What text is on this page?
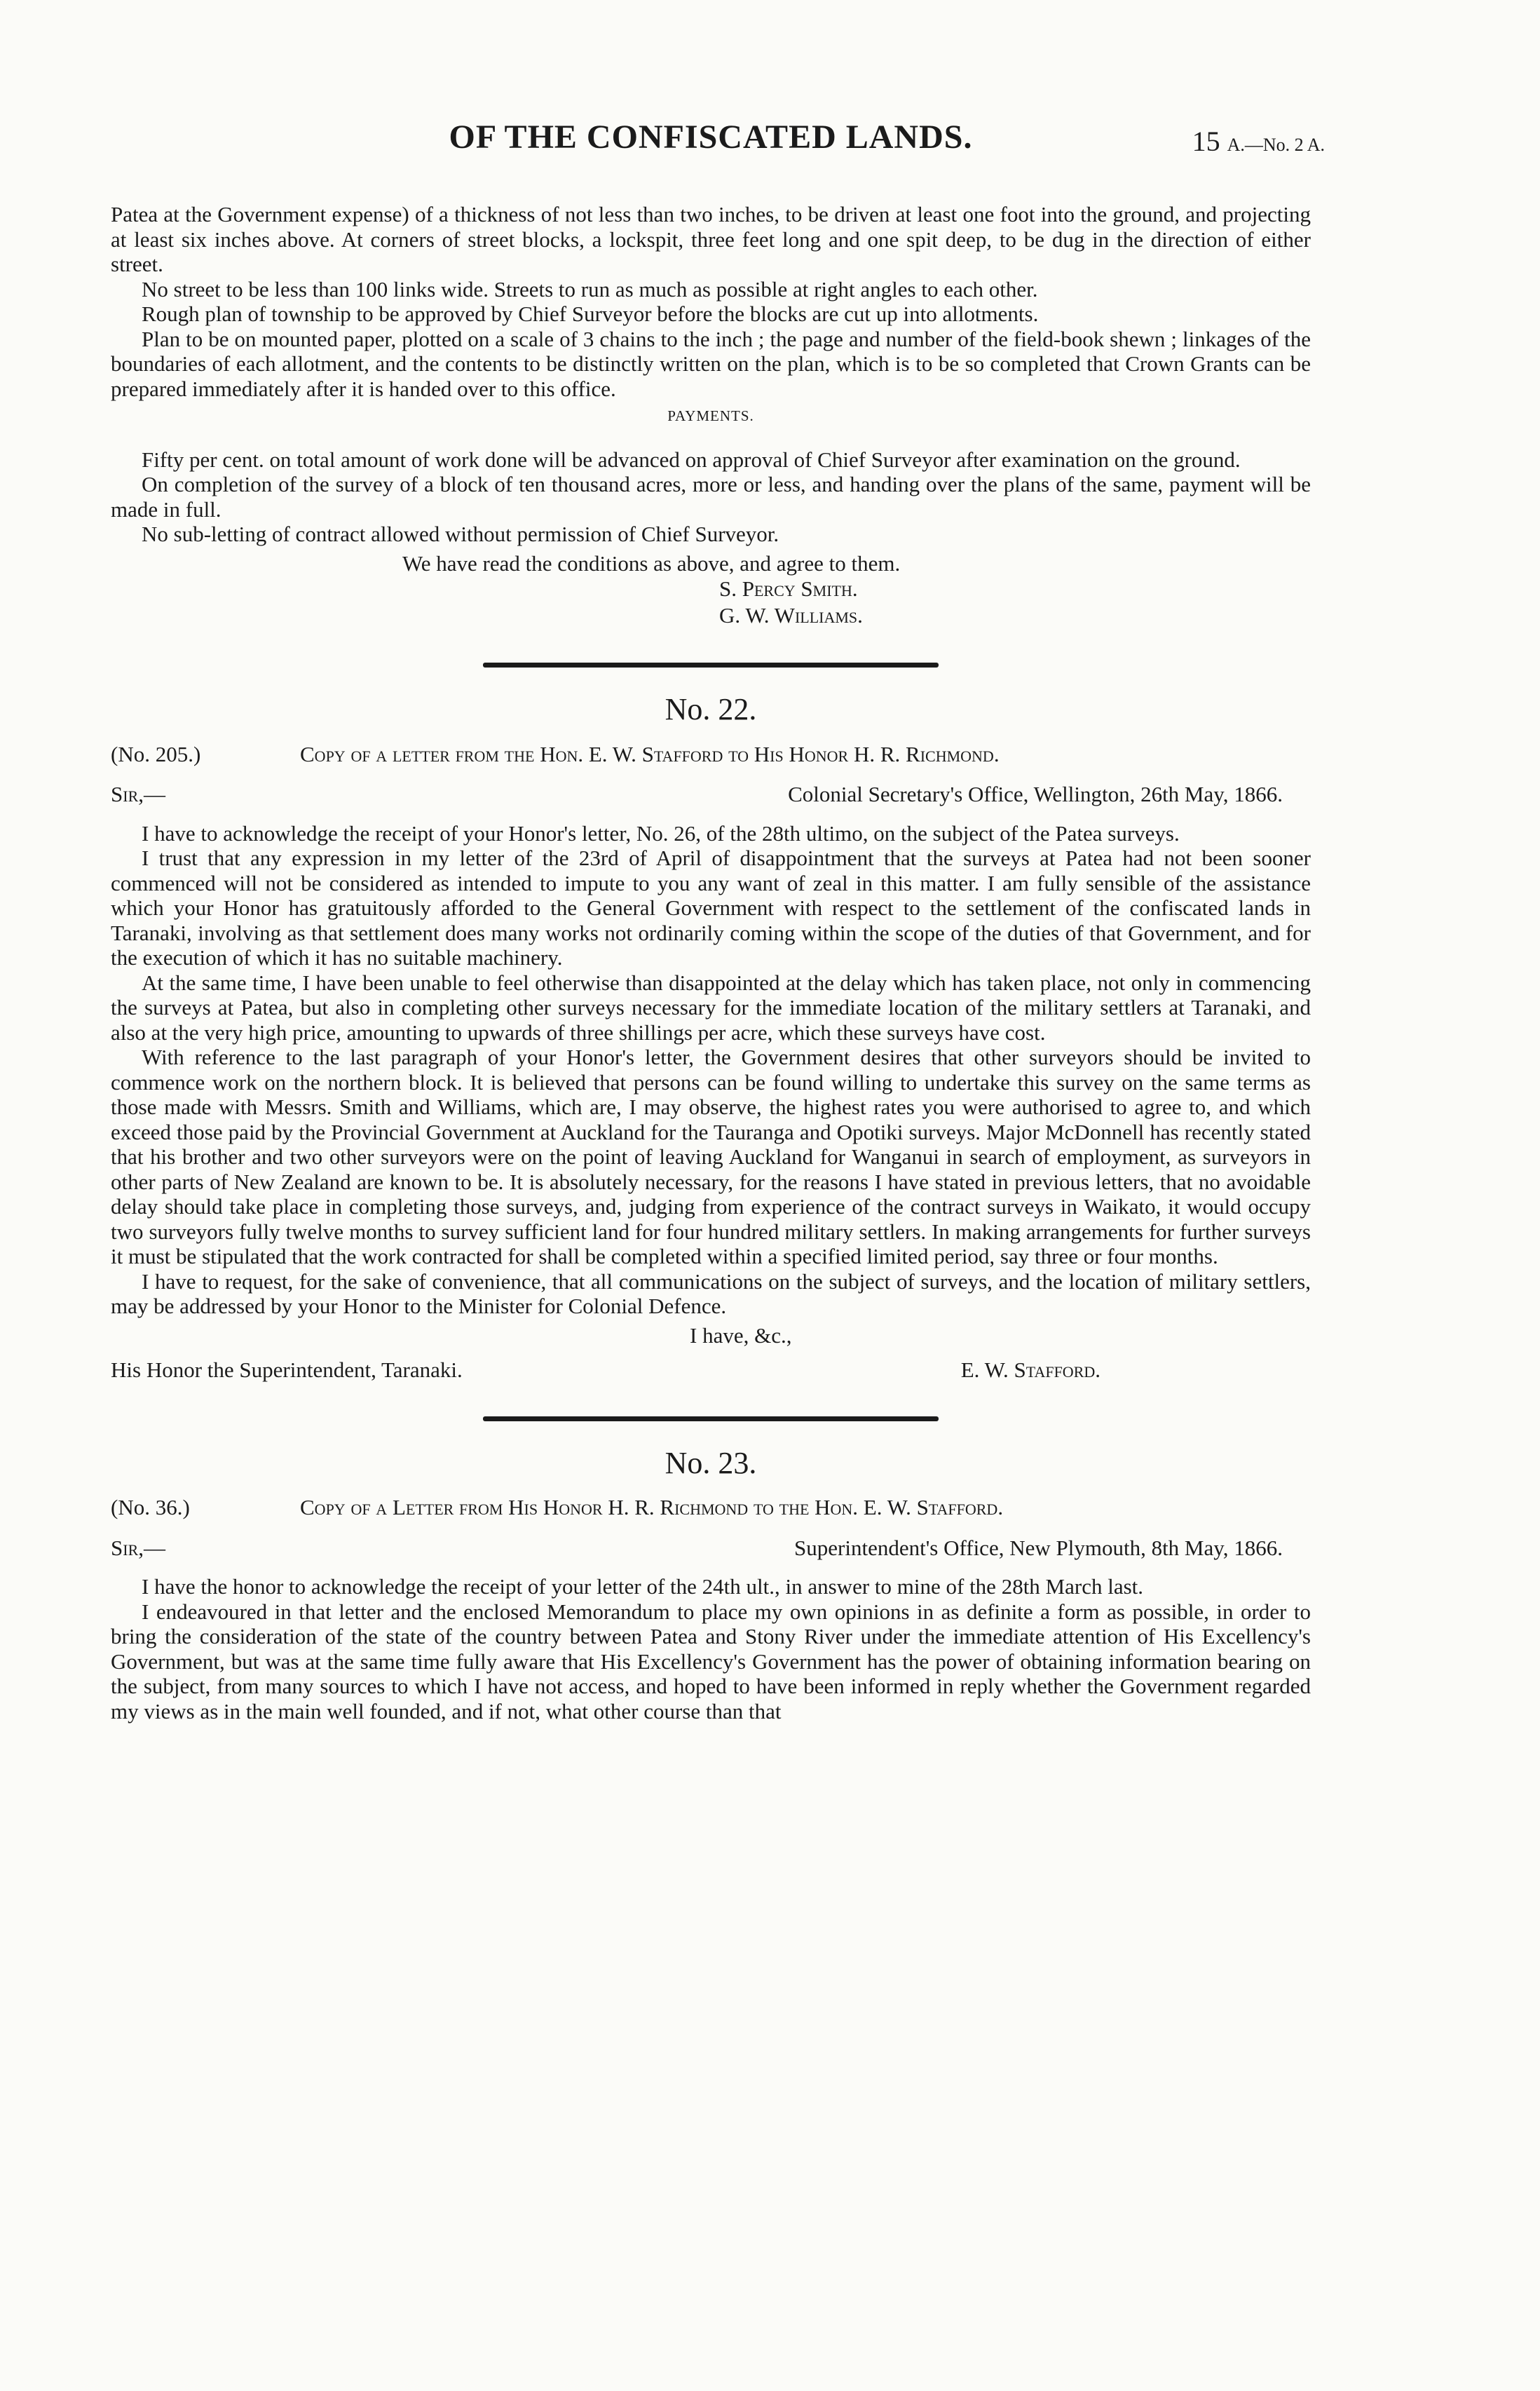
OF THE CONFISCATED LANDS.	15 A.—No. 2 A.

Patea at the Government expense) of a thickness of not less than two inches, to be driven at least one foot into the ground, and projecting at least six inches above. At corners of street blocks, a lockspit, three feet long and one spit deep, to be dug in the direction of either street.

No street to be less than 100 links wide. Streets to run as much as possible at right angles to each other.

Rough plan of township to be approved by Chief Surveyor before the blocks are cut up into allotments.

Plan to be on mounted paper, plotted on a scale of 3 chains to the inch ; the page and number of the field-book shewn ; linkages of the boundaries of each allotment, and the contents to be distinctly written on the plan, which is to be so completed that Crown Grants can be prepared immediately after it is handed over to this office.

PAYMENTS.

Fifty per cent. on total amount of work done will be advanced on approval of Chief Surveyor after examination on the ground.

On completion of the survey of a block of ten thousand acres, more or less, and handing over the plans of the same, payment will be made in full.

No sub-letting of contract allowed without permission of Chief Surveyor.

We have read the conditions as above, and agree to them.

S. Percy Smith.
G. W. Williams.
No. 22.
(No. 205.)	Copy of a letter from the Hon. E. W. Stafford to His Honor H. R. Richmond.
Sir,—	Colonial Secretary's Office, Wellington, 26th May, 1866.

I have to acknowledge the receipt of your Honor's letter, No. 26, of the 28th ultimo, on the subject of the Patea surveys.

I trust that any expression in my letter of the 23rd of April of disappointment that the surveys at Patea had not been sooner commenced will not be considered as intended to impute to you any want of zeal in this matter. I am fully sensible of the assistance which your Honor has gratuitously afforded to the General Government with respect to the settlement of the confiscated lands in Taranaki, involving as that settlement does many works not ordinarily coming within the scope of the duties of that Government, and for the execution of which it has no suitable machinery.

At the same time, I have been unable to feel otherwise than disappointed at the delay which has taken place, not only in commencing the surveys at Patea, but also in completing other surveys necessary for the immediate location of the military settlers at Taranaki, and also at the very high price, amounting to upwards of three shillings per acre, which these surveys have cost.

With reference to the last paragraph of your Honor's letter, the Government desires that other surveyors should be invited to commence work on the northern block. It is believed that persons can be found willing to undertake this survey on the same terms as those made with Messrs. Smith and Williams, which are, I may observe, the highest rates you were authorised to agree to, and which exceed those paid by the Provincial Government at Auckland for the Tauranga and Opotiki surveys. Major McDonnell has recently stated that his brother and two other surveyors were on the point of leaving Auckland for Wanganui in search of employment, as surveyors in other parts of New Zealand are known to be. It is absolutely necessary, for the reasons I have stated in previous letters, that no avoidable delay should take place in completing those surveys, and, judging from experience of the contract surveys in Waikato, it would occupy two surveyors fully twelve months to survey sufficient land for four hundred military settlers. In making arrangements for further surveys it must be stipulated that the work contracted for shall be completed within a specified limited period, say three or four months.

I have to request, for the sake of convenience, that all communications on the subject of surveys, and the location of military settlers, may be addressed by your Honor to the Minister for Colonial Defence.

I have, &c.,
His Honor the Superintendent, Taranaki.	E. W. Stafford.
No. 23.
(No. 36.)	Copy of a Letter from His Honor H. R. Richmond to the Hon. E. W. Stafford.
Sir,—	Superintendent's Office, New Plymouth, 8th May, 1866.

I have the honor to acknowledge the receipt of your letter of the 24th ult., in answer to mine of the 28th March last.

I endeavoured in that letter and the enclosed Memorandum to place my own opinions in as definite a form as possible, in order to bring the consideration of the state of the country between Patea and Stony River under the immediate attention of His Excellency's Government, but was at the same time fully aware that His Excellency's Government has the power of obtaining information bearing on the subject, from many sources to which I have not access, and hoped to have been informed in reply whether the Government regarded my views as in the main well founded, and if not, what other course than that
